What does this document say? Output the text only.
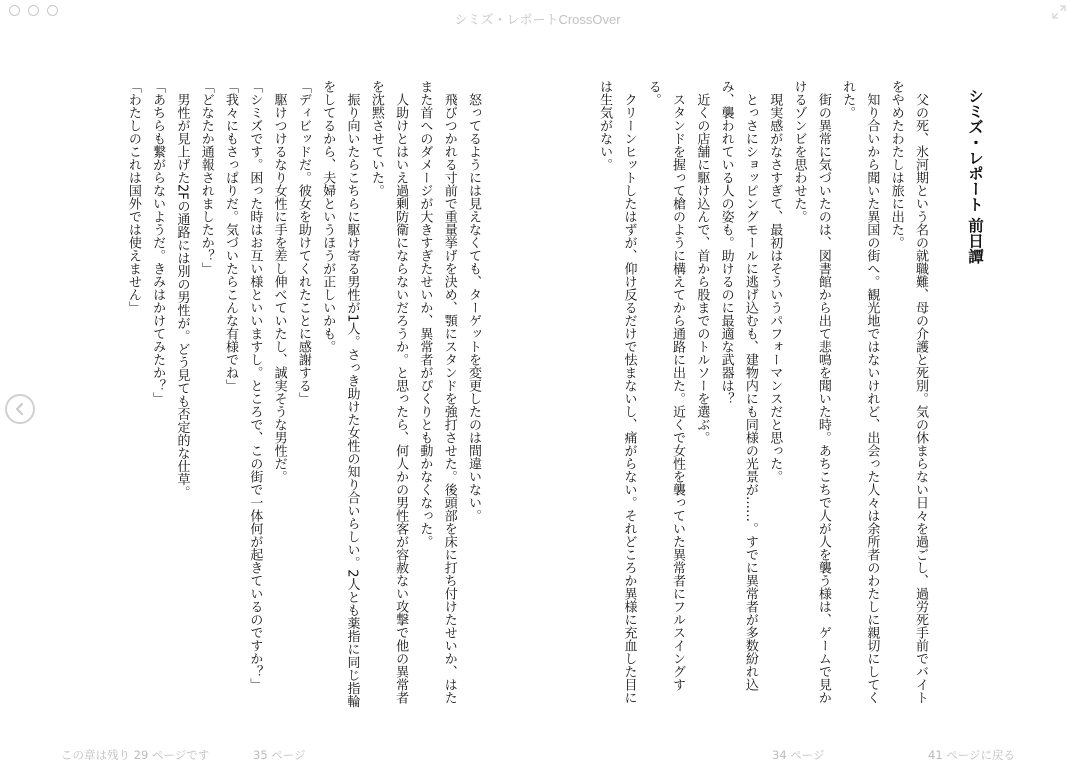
シミズ・レポートCrossOver
シミズ・レポート 前日譚

父の死、氷河期という名の就職難、母の介護と死別。気の休まらない日々を過ごし、過労死手前でバイトをやめたわたしは旅に出た。

知り合いから聞いた異国の街へ。観光地ではないけれど、出会った人々は余所者のわたしに親切にしてくれた。

街の異常に気づいたのは、図書館から出て悲鳴を聞いた時。あちこちで人が人を襲う様は、ゲームで見かけるゾンビを思わせた。

現実感がなさすぎて、最初はそういうパフォーマンスだと思った。

とっさにショッピングモールに逃げ込むも、建物内にも同様の光景が……。すでに異常者が多数紛れ込み、襲われている人の姿も。助けるのに最適な武器は？

近くの店舗に駆け込んで、首から股までのトルソーを選ぶ。

スタンドを握って槍のように構えてから通路に出た。近くで女性を襲っていた異常者にフルスイングする。

クリーンヒットしたはずが、仰け反るだけで怯まないし、痛がらない。それどころか異様に充血した目には生気がない。

怒ってるようには見えなくても、ターゲットを変更したのは間違いない。

飛びつかれる寸前で重量挙げを決め、顎にスタンドを強打させた。後頭部を床に打ち付けたせいか、はたまた首へのダメージが大きすぎたせいか、異常者がぴくりとも動かなくなった。

人助けとはいえ過剰防衛にならないだろうか。と思ったら、何人かの男性客が容赦ない攻撃で他の異常者を沈黙させていた。

振り向いたらこちらに駆け寄る男性が1人。さっき助けた女性の知り合いらしい。2人とも薬指に同じ指輪をしてるから、夫婦というほうが正しいかも。

「ディビッドだ。彼女を助けてくれたことに感謝する」

駆けつけるなり女性に手を差し伸べていたし、誠実そうな男性だ。

「シミズです。困った時はお互い様といいますし。ところで、この街で一体何が起きているのですか？」

「我々にもさっぱりだ。気づいたらこんな有様でね」

「どなたか通報されましたか？」

男性が見上げた2Fの通路には別の男性が。どう見ても否定的な仕草。

「あちらも繋がらないようだ。きみはかけてみたか？」

「わたしのこれは国外では使えません」

この章は残り 29 ページです	35 ページ	34 ページ	41 ページに戻る
